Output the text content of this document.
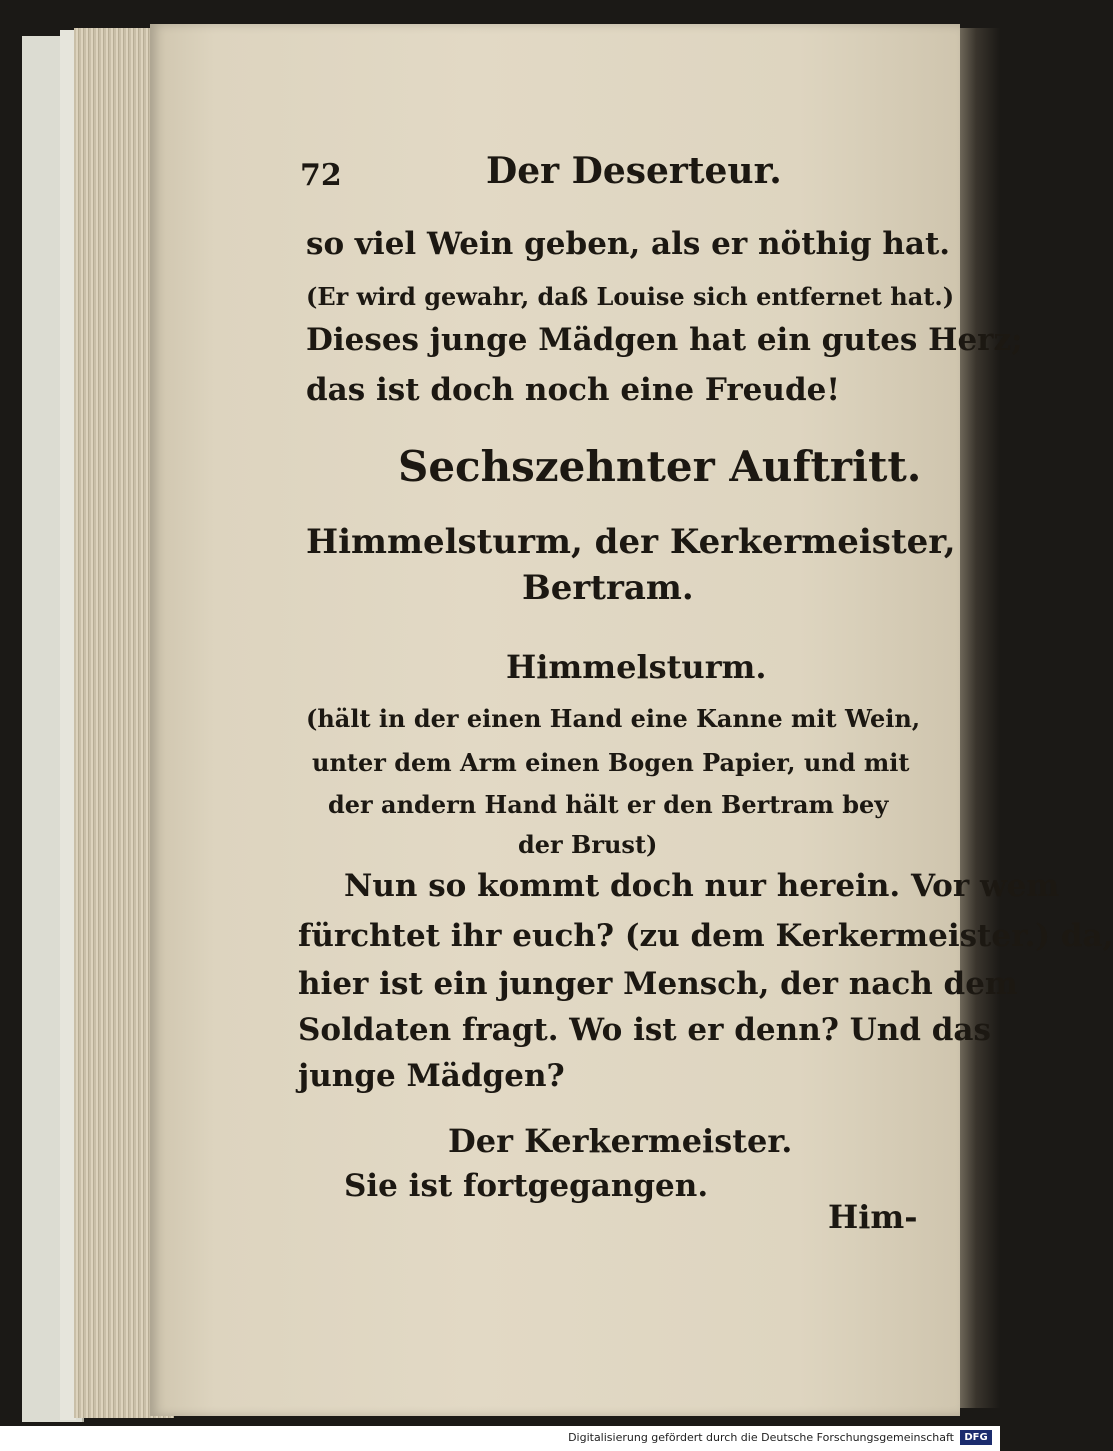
72	Der Deserteur.
so viel Wein geben, als er nöthig hat.
(Er wird gewahr, daß Louise sich entfernet hat.)
Dieses junge Mädgen hat ein gutes Herz;
das ist doch noch eine Freude!
Sechszehnter Auftritt.
Himmelsturm, der Kerkermeister,
Bertram.
Himmelsturm.
(hält in der einen Hand eine Kanne mit Wein,
unter dem Arm einen Bogen Papier, und mit
der andern Hand hält er den Bertram bey
der Brust)
Nun so kommt doch nur herein. Vor wem
fürchtet ihr euch? (zu dem Kerkermeister.) da,
hier ist ein junger Mensch, der nach dem
Soldaten fragt. Wo ist er denn? Und das
junge Mädgen?
Der Kerkermeister.
Sie ist fortgegangen.
Him-
Digitalisierung gefördert durch die Deutsche Forschungsgemeinschaft	DFG
